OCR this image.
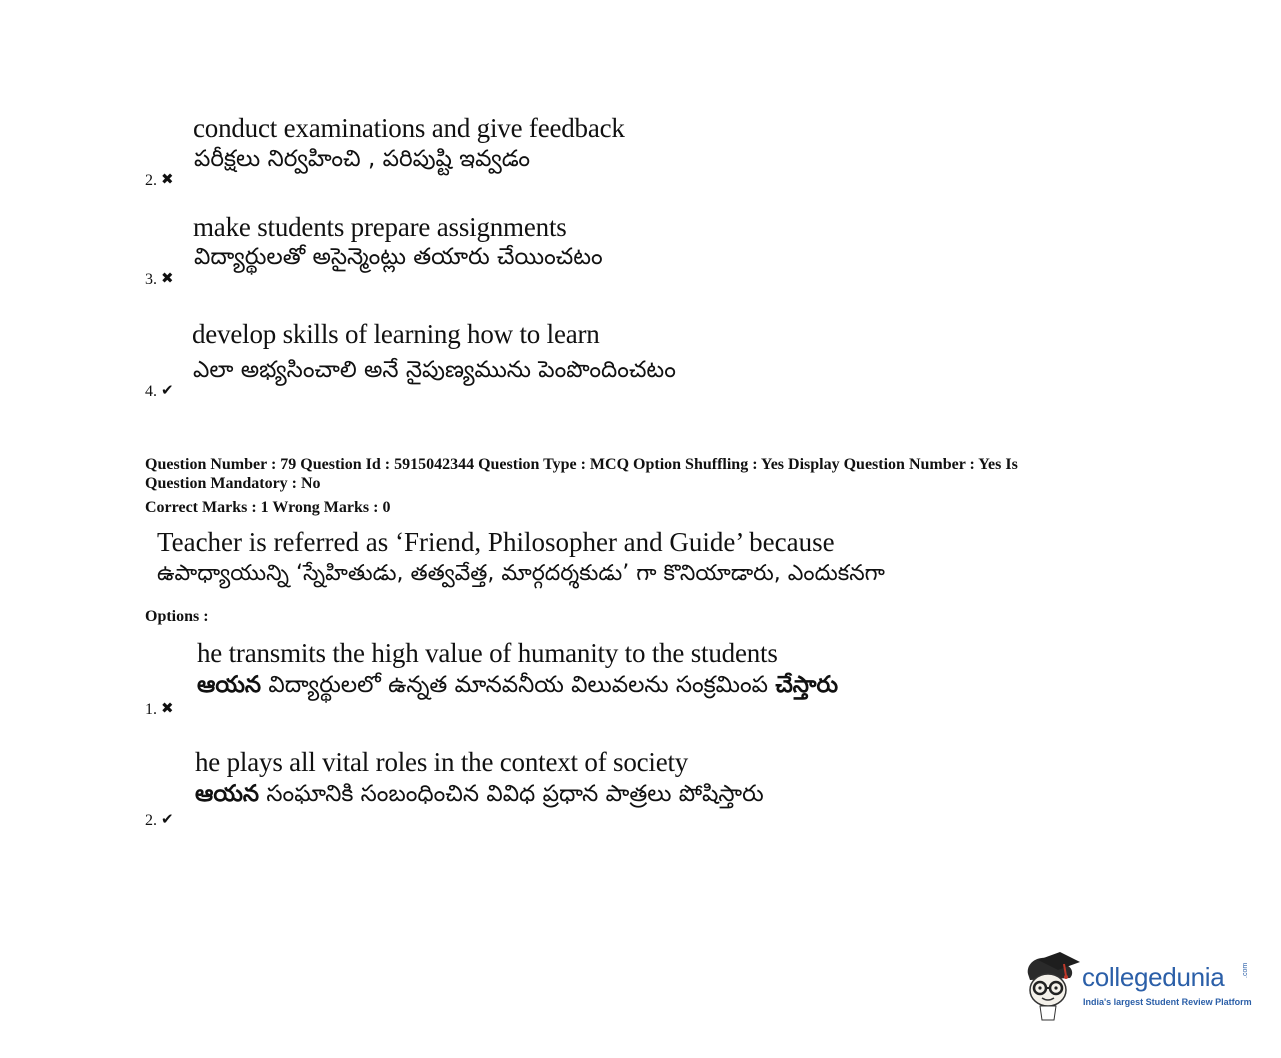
conduct examinations and give feedback
పరీక్షలు నిర్వహించి , పరిపుష్టి ఇవ్వడం
2. ✖
make students prepare assignments
విద్యార్థులతో అసైన్మెంట్లు తయారు చేయించటం
3. ✖
develop skills of learning how to learn
ఎలా అభ్యసించాలి అనే నైపుణ్యమును పెంపొందించటం
4. ✔
Question Number : 79 Question Id : 5915042344 Question Type : MCQ Option Shuffling : Yes Display Question Number : Yes Is
Question Mandatory : No
Correct Marks : 1 Wrong Marks : 0
Teacher is referred as ‘Friend, Philosopher and Guide’ because
ఉపాధ్యాయున్ని ‘స్నేహితుడు, తత్వవేత్త, మార్గదర్శకుడు’ గా కొనియాడారు, ఎందుకనగా
Options :
he transmits the high value of humanity to the students
ఆయన విద్యార్థులలో ఉన్నత మానవనీయ విలువలను సంక్రమింప చేస్తారు
1. ✖
he plays all vital roles in the context of society
ఆయన సంఘానికి సంబంధించిన వివిధ ప్రధాన పాత్రలు పోషిస్తారు
2. ✔
collegedunia	.com
India's largest Student Review Platform
